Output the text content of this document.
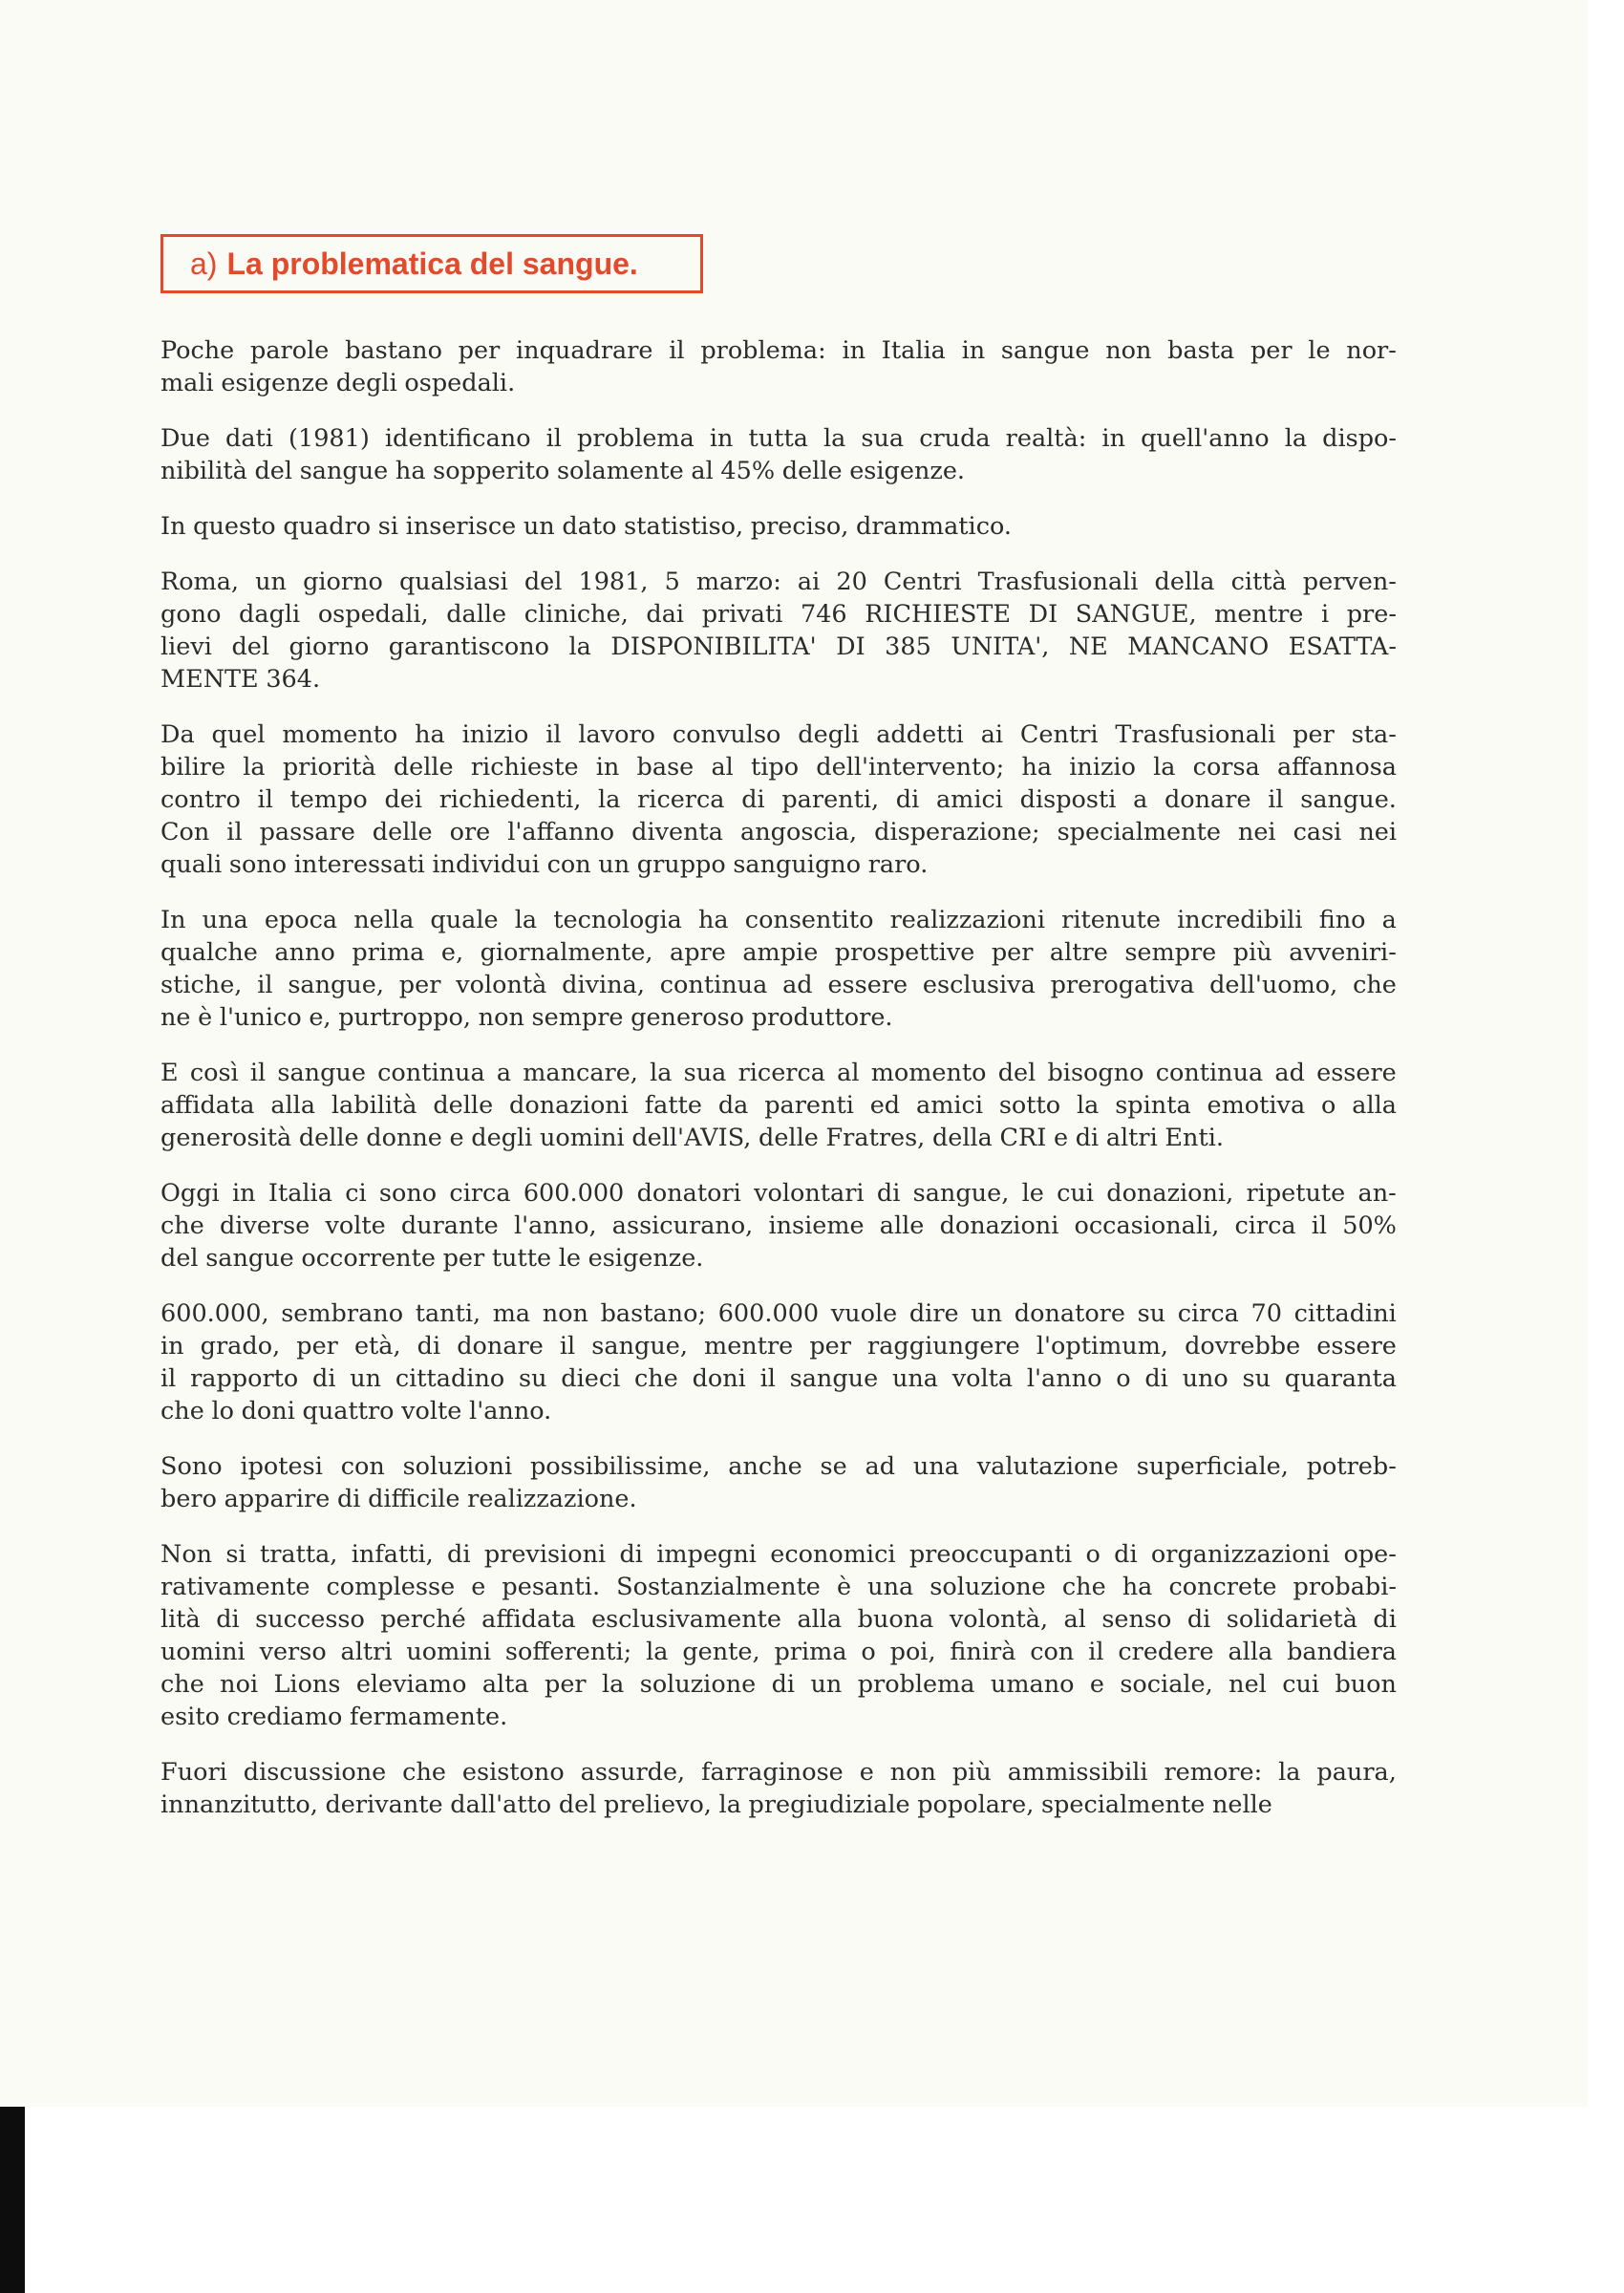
a) La problematica del sangue.
Poche parole bastano per inquadrare il problema: in Italia in sangue non basta per le nor-
mali esigenze degli ospedali.
Due dati (1981) identificano il problema in tutta la sua cruda realtà: in quell'anno la dispo-
nibilità del sangue ha sopperito solamente al 45% delle esigenze.
In questo quadro si inserisce un dato statistiso, preciso, drammatico.
Roma, un giorno qualsiasi del 1981, 5 marzo: ai 20 Centri Trasfusionali della città perven-
gono dagli ospedali, dalle cliniche, dai privati 746 RICHIESTE DI SANGUE, mentre i pre-
lievi del giorno garantiscono la DISPONIBILITA' DI 385 UNITA', NE MANCANO ESATTA-
MENTE 364.
Da quel momento ha inizio il lavoro convulso degli addetti ai Centri Trasfusionali per sta-
bilire la priorità delle richieste in base al tipo dell'intervento; ha inizio la corsa affannosa
contro il tempo dei richiedenti, la ricerca di parenti, di amici disposti a donare il sangue.
Con il passare delle ore l'affanno diventa angoscia, disperazione; specialmente nei casi nei
quali sono interessati individui con un gruppo sanguigno raro.
In una epoca nella quale la tecnologia ha consentito realizzazioni ritenute incredibili fino a
qualche anno prima e, giornalmente, apre ampie prospettive per altre sempre più avveniri-
stiche, il sangue, per volontà divina, continua ad essere esclusiva prerogativa dell'uomo, che
ne è l'unico e, purtroppo, non sempre generoso produttore.
E così il sangue continua a mancare, la sua ricerca al momento del bisogno continua ad essere
affidata alla labilità delle donazioni fatte da parenti ed amici sotto la spinta emotiva o alla
generosità delle donne e degli uomini dell'AVIS, delle Fratres, della CRI e di altri Enti.
Oggi in Italia ci sono circa 600.000 donatori volontari di sangue, le cui donazioni, ripetute an-
che diverse volte durante l'anno, assicurano, insieme alle donazioni occasionali, circa il 50%
del sangue occorrente per tutte le esigenze.
600.000, sembrano tanti, ma non bastano; 600.000 vuole dire un donatore su circa 70 cittadini
in grado, per età, di donare il sangue, mentre per raggiungere l'optimum, dovrebbe essere
il rapporto di un cittadino su dieci che doni il sangue una volta l'anno o di uno su quaranta
che lo doni quattro volte l'anno.
Sono ipotesi con soluzioni possibilissime, anche se ad una valutazione superficiale, potreb-
bero apparire di difficile realizzazione.
Non si tratta, infatti, di previsioni di impegni economici preoccupanti o di organizzazioni ope-
rativamente complesse e pesanti. Sostanzialmente è una soluzione che ha concrete probabi-
lità di successo perché affidata esclusivamente alla buona volontà, al senso di solidarietà di
uomini verso altri uomini sofferenti; la gente, prima o poi, finirà con il credere alla bandiera
che noi Lions eleviamo alta per la soluzione di un problema umano e sociale, nel cui buon
esito crediamo fermamente.
Fuori discussione che esistono assurde, farraginose e non più ammissibili remore: la paura,
innanzitutto, derivante dall'atto del prelievo, la pregiudiziale popolare, specialmente nelle
